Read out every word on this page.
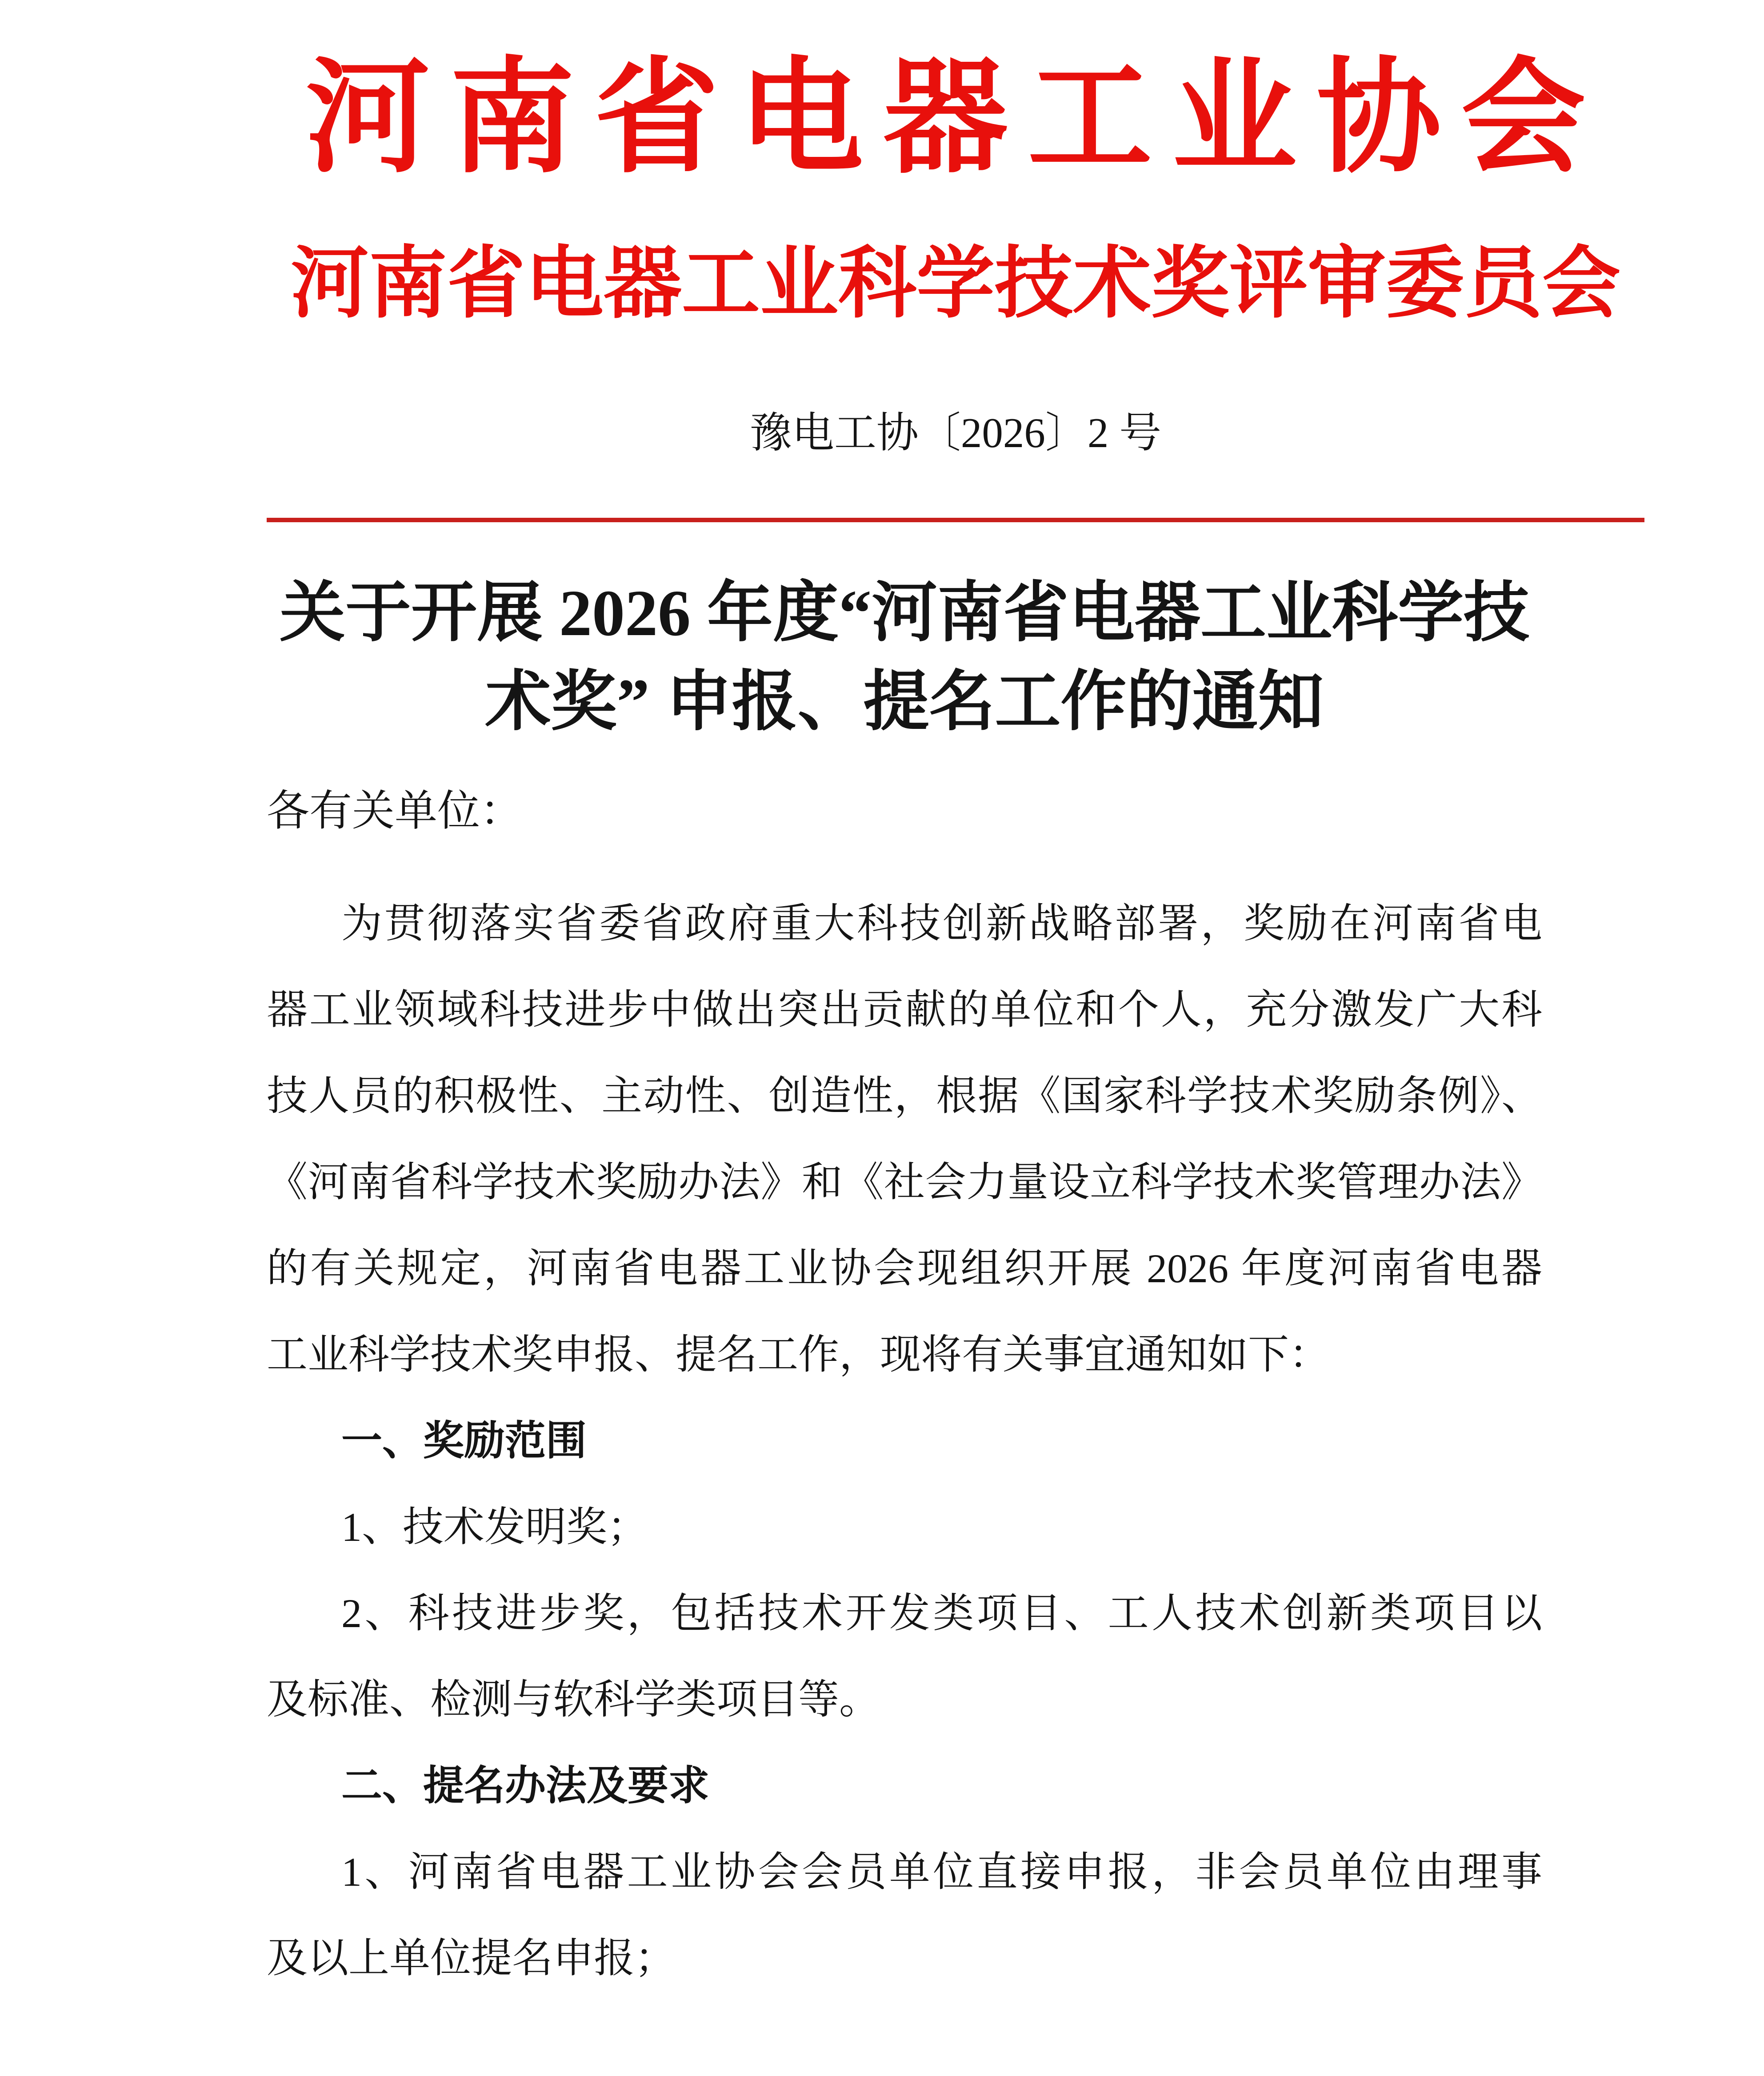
河南省电器工业协会
河南省电器工业科学技术奖评审委员会
豫电工协〔2026〕2 号
关于开展 2026 年度“河南省电器工业科学技
术奖” 申报、提名工作的通知
各有关单位：
为贯彻落实省委省政府重大科技创新战略部署，奖励在河南省电
器工业领域科技进步中做出突出贡献的单位和个人，充分激发广大科
技人员的积极性、主动性、创造性，根据《国家科学技术奖励条例》、
《河南省科学技术奖励办法》和《社会力量设立科学技术奖管理办法》
的有关规定，河南省电器工业协会现组织开展 2026 年度河南省电器
工业科学技术奖申报、提名工作，现将有关事宜通知如下：
一、奖励范围
1、技术发明奖；
2、科技进步奖，包括技术开发类项目、工人技术创新类项目以
及标准、检测与软科学类项目等。
二、提名办法及要求
1、河南省电器工业协会会员单位直接申报，非会员单位由理事
及以上单位提名申报；
